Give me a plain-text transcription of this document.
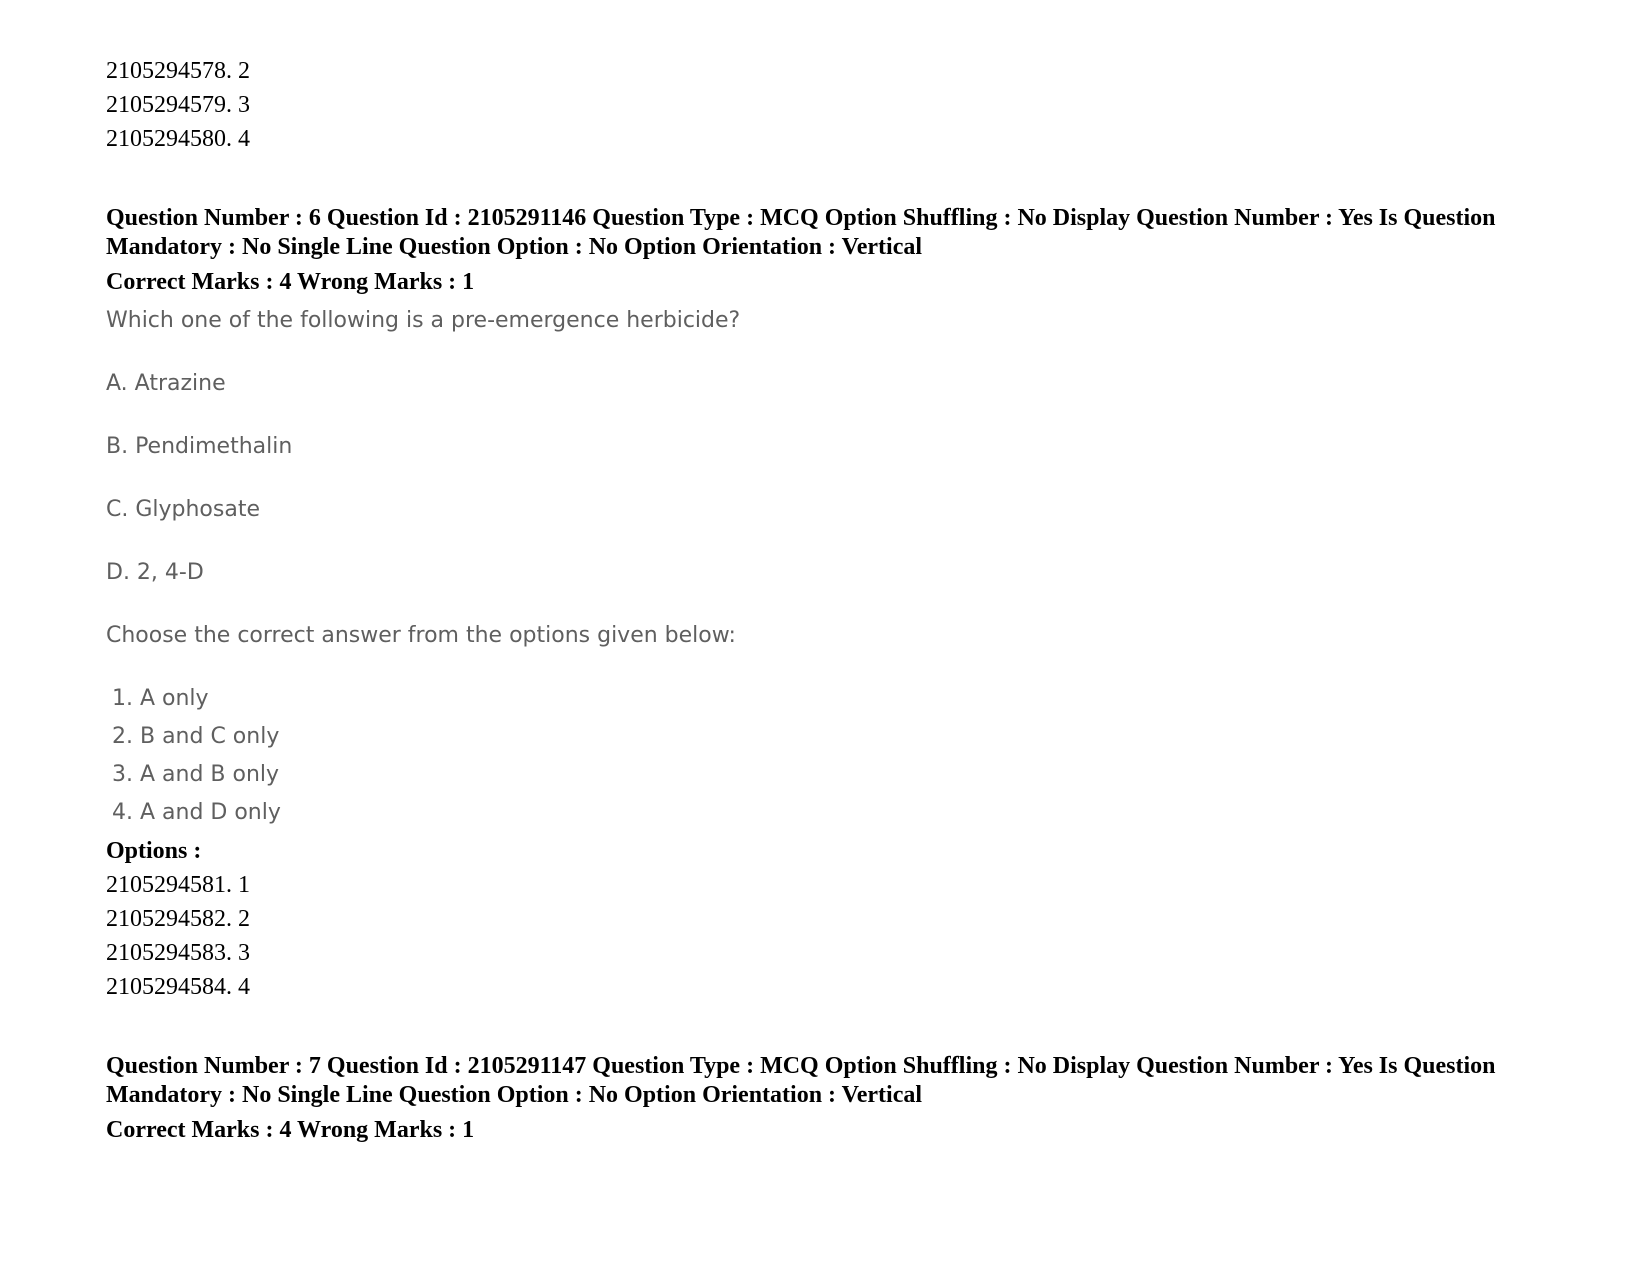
2105294578. 2
2105294579. 3
2105294580. 4
Question Number : 6 Question Id : 2105291146 Question Type : MCQ Option Shuffling : No Display Question Number : Yes Is Question
Mandatory : No Single Line Question Option : No Option Orientation : Vertical
Correct Marks : 4 Wrong Marks : 1
Which one of the following is a pre-emergence herbicide?
A. Atrazine
B. Pendimethalin
C. Glyphosate
D. 2, 4-D
Choose the correct answer from the options given below:
1. A only
2. B and C only
3. A and B only
4. A and D only
Options :
2105294581. 1
2105294582. 2
2105294583. 3
2105294584. 4
Question Number : 7 Question Id : 2105291147 Question Type : MCQ Option Shuffling : No Display Question Number : Yes Is Question
Mandatory : No Single Line Question Option : No Option Orientation : Vertical
Correct Marks : 4 Wrong Marks : 1
